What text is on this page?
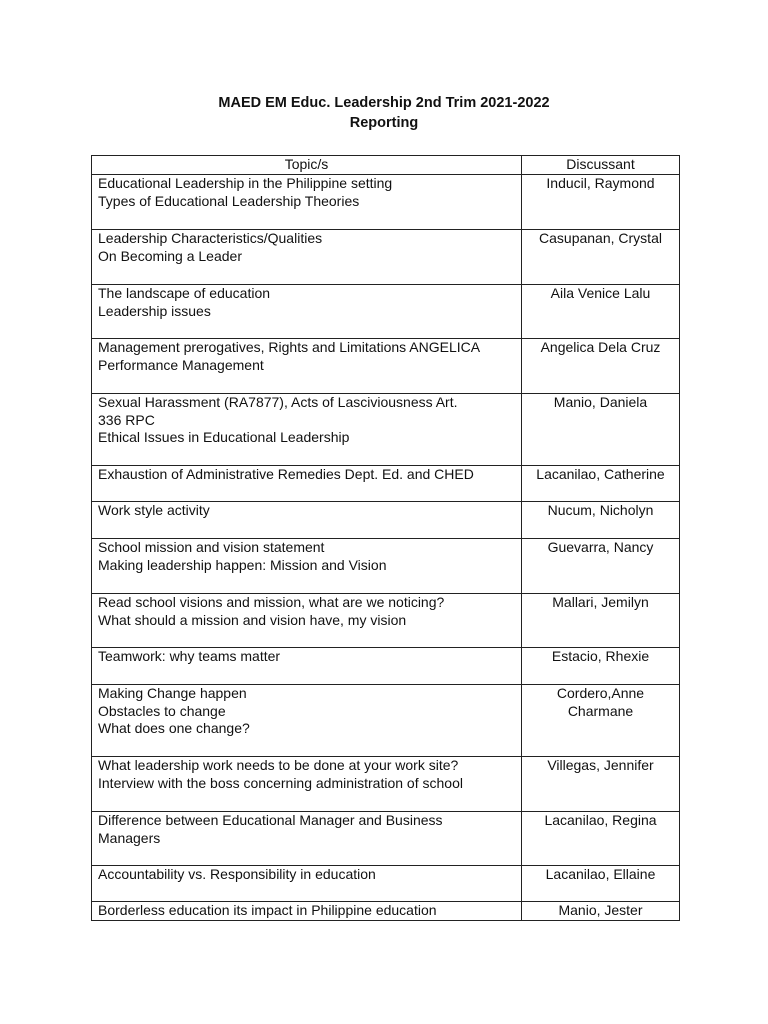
MAED EM Educ. Leadership 2nd Trim 2021-2022
Reporting
Topic/s	Discussant

Educational Leadership in the Philippine setting
Types of Educational Leadership Theories	Inducil, Raymond

Leadership Characteristics/Qualities
On Becoming a Leader	Casupanan, Crystal

The landscape of education
Leadership issues	Aila Venice Lalu

Management prerogatives, Rights and Limitations ANGELICA
Performance Management	Angelica Dela Cruz

Sexual Harassment (RA7877), Acts of Lasciviousness Art.
336 RPC
Ethical Issues in Educational Leadership	Manio, Daniela

Exhaustion of Administrative Remedies Dept. Ed. and CHED	Lacanilao, Catherine

Work style activity	Nucum, Nicholyn

School mission and vision statement
Making leadership happen: Mission and Vision	Guevarra, Nancy

Read school visions and mission, what are we noticing?
What should a mission and vision have, my vision	Mallari, Jemilyn

Teamwork: why teams matter	Estacio, Rhexie

Making Change happen
Obstacles to change
What does one change?	Cordero,Anne
Charmane

What leadership work needs to be done at your work site?
Interview with the boss concerning administration of school	Villegas, Jennifer

Difference between Educational Manager and Business
Managers	Lacanilao, Regina

Accountability vs. Responsibility in education	Lacanilao, Ellaine

Borderless education its impact in Philippine education	Manio, Jester
